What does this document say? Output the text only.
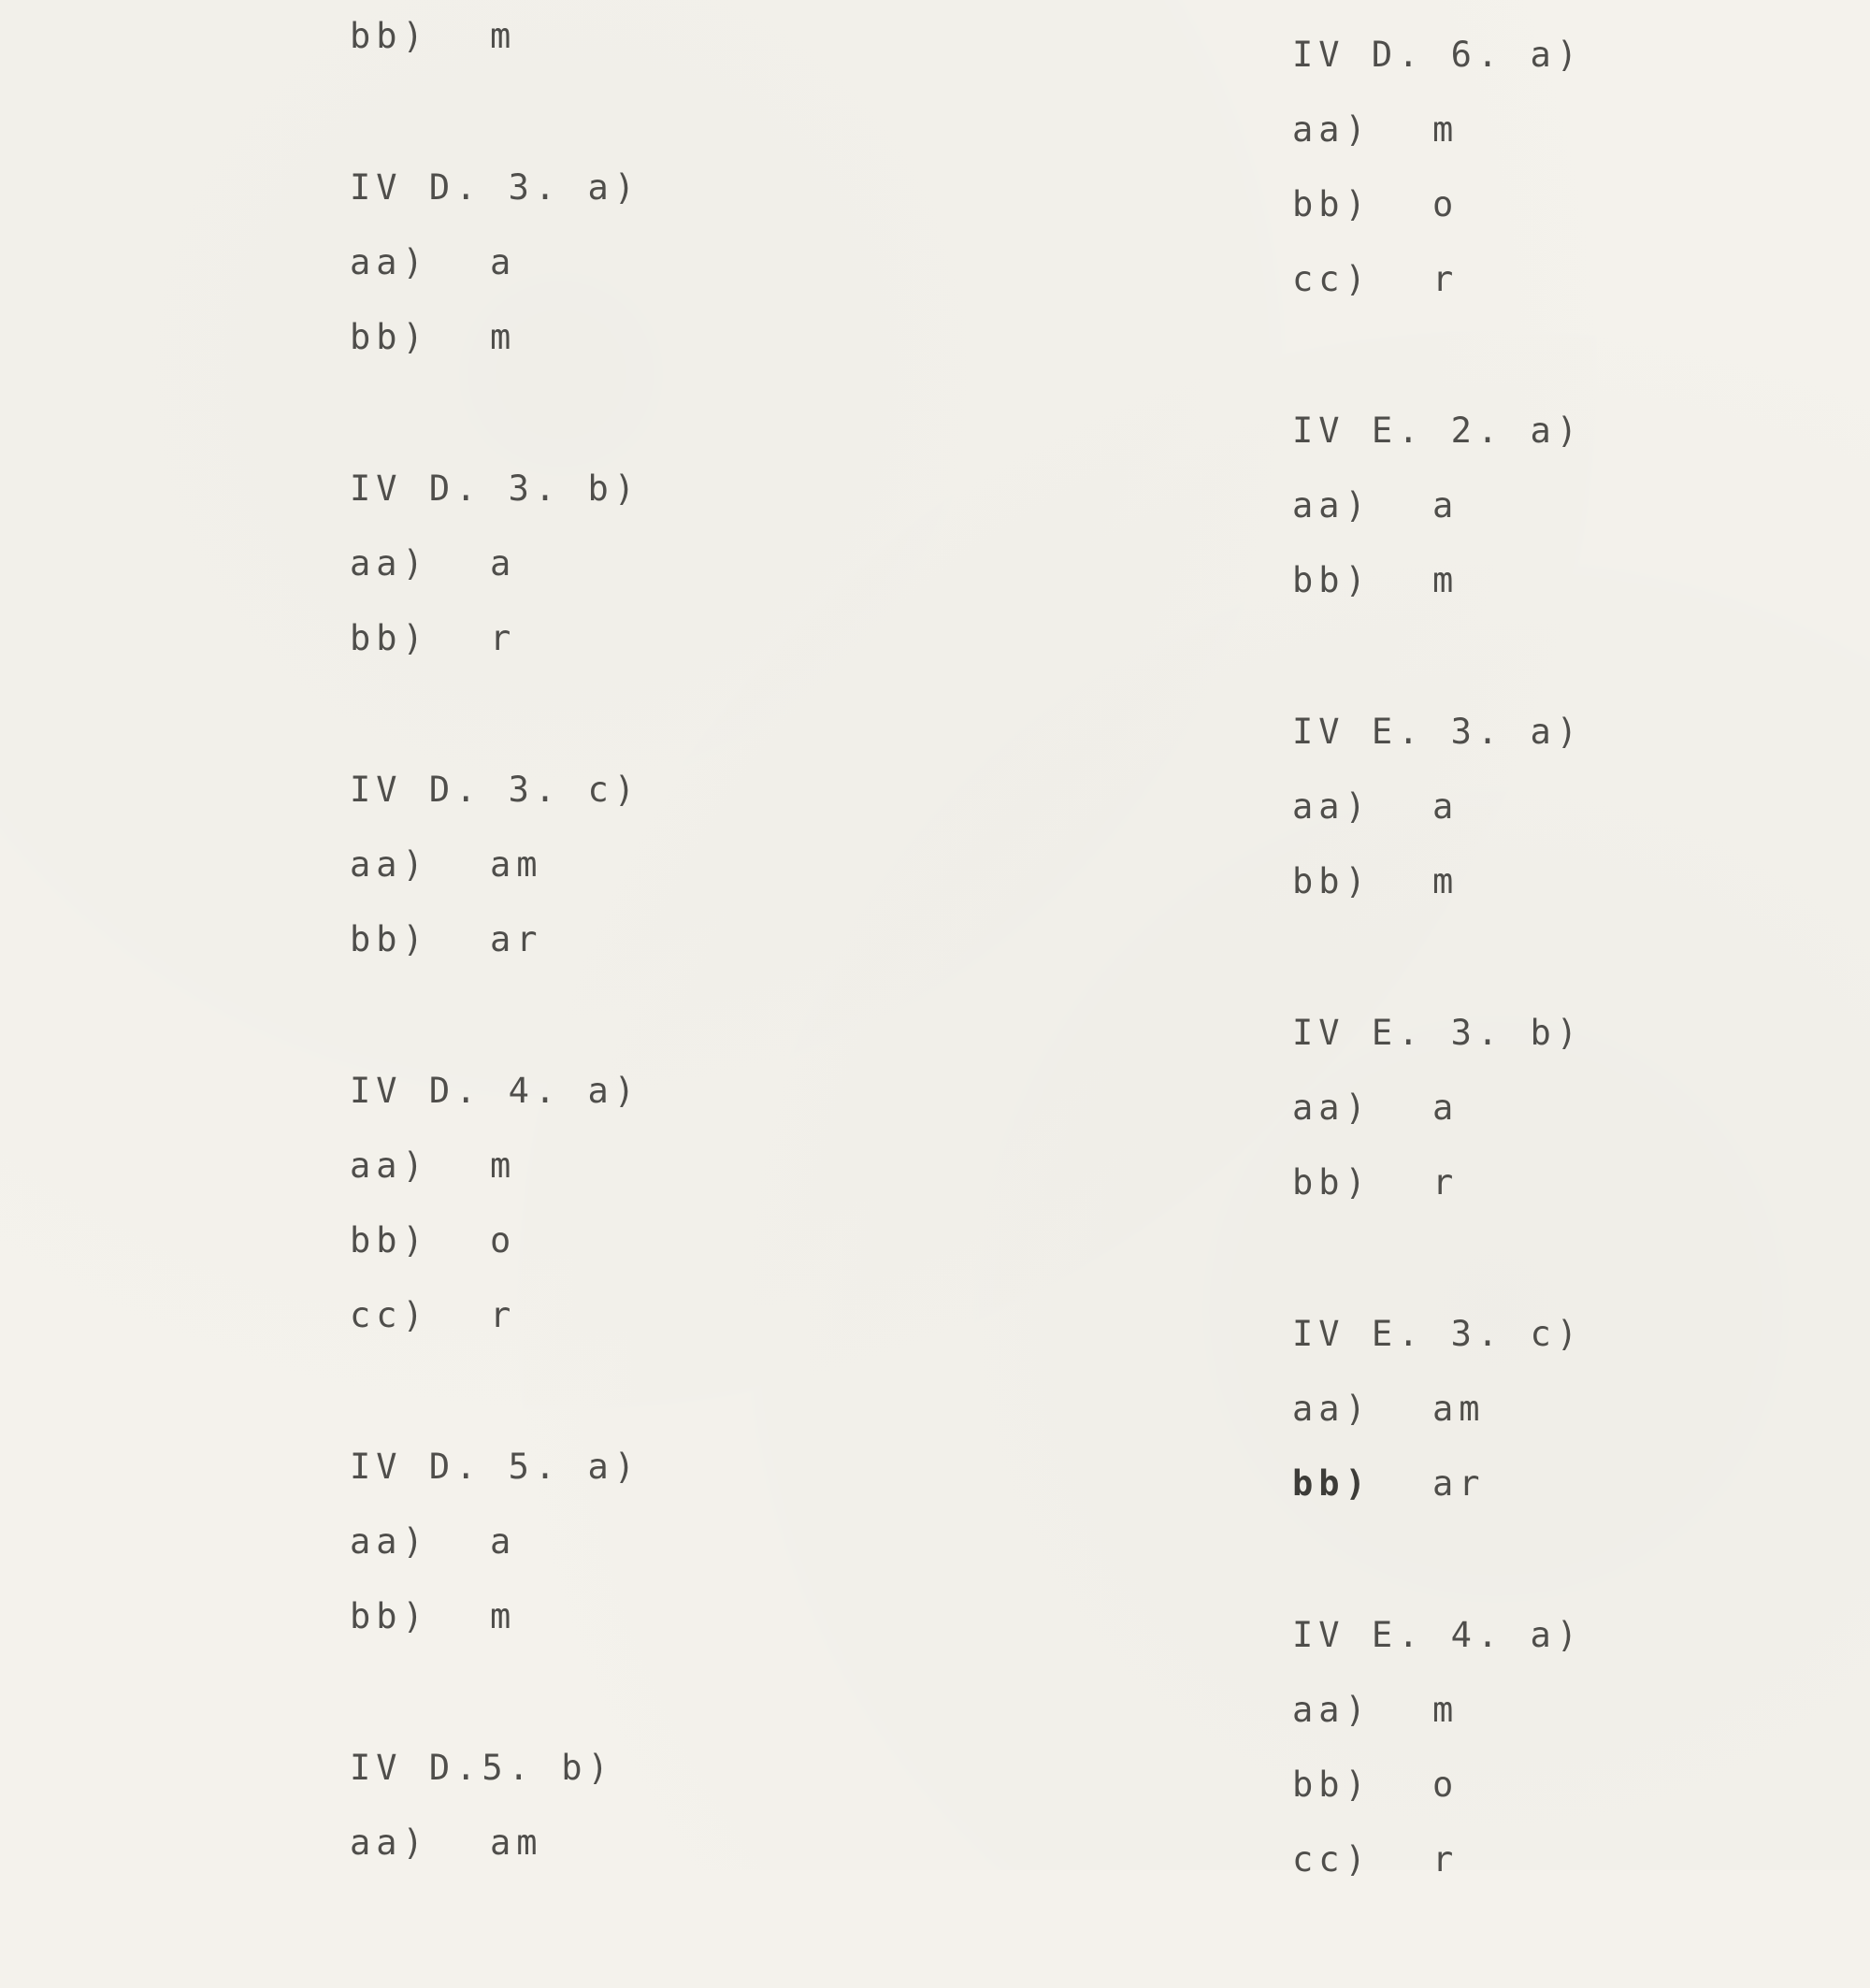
bb)	m
IV D. 3. a)
aa)	a
bb)	m
IV D. 3. b)
aa)	a
bb)	r
IV D. 3. c)
aa)	am
bb)	ar
IV D. 4. a)
aa)	m
bb)	o
cc)	r
IV D. 5. a)
aa)	a
bb)	m
IV D.5. b)
aa)	am
IV D. 6. a)
aa)	m
bb)	o
cc)	r
IV E. 2. a)
aa)	a
bb)	m
IV E. 3. a)
aa)	a
bb)	m
IV E. 3. b)
aa)	a
bb)	r
IV E. 3. c)
aa)	am
bb)	ar
IV E. 4. a)
aa)	m
bb)	o
cc)	r
